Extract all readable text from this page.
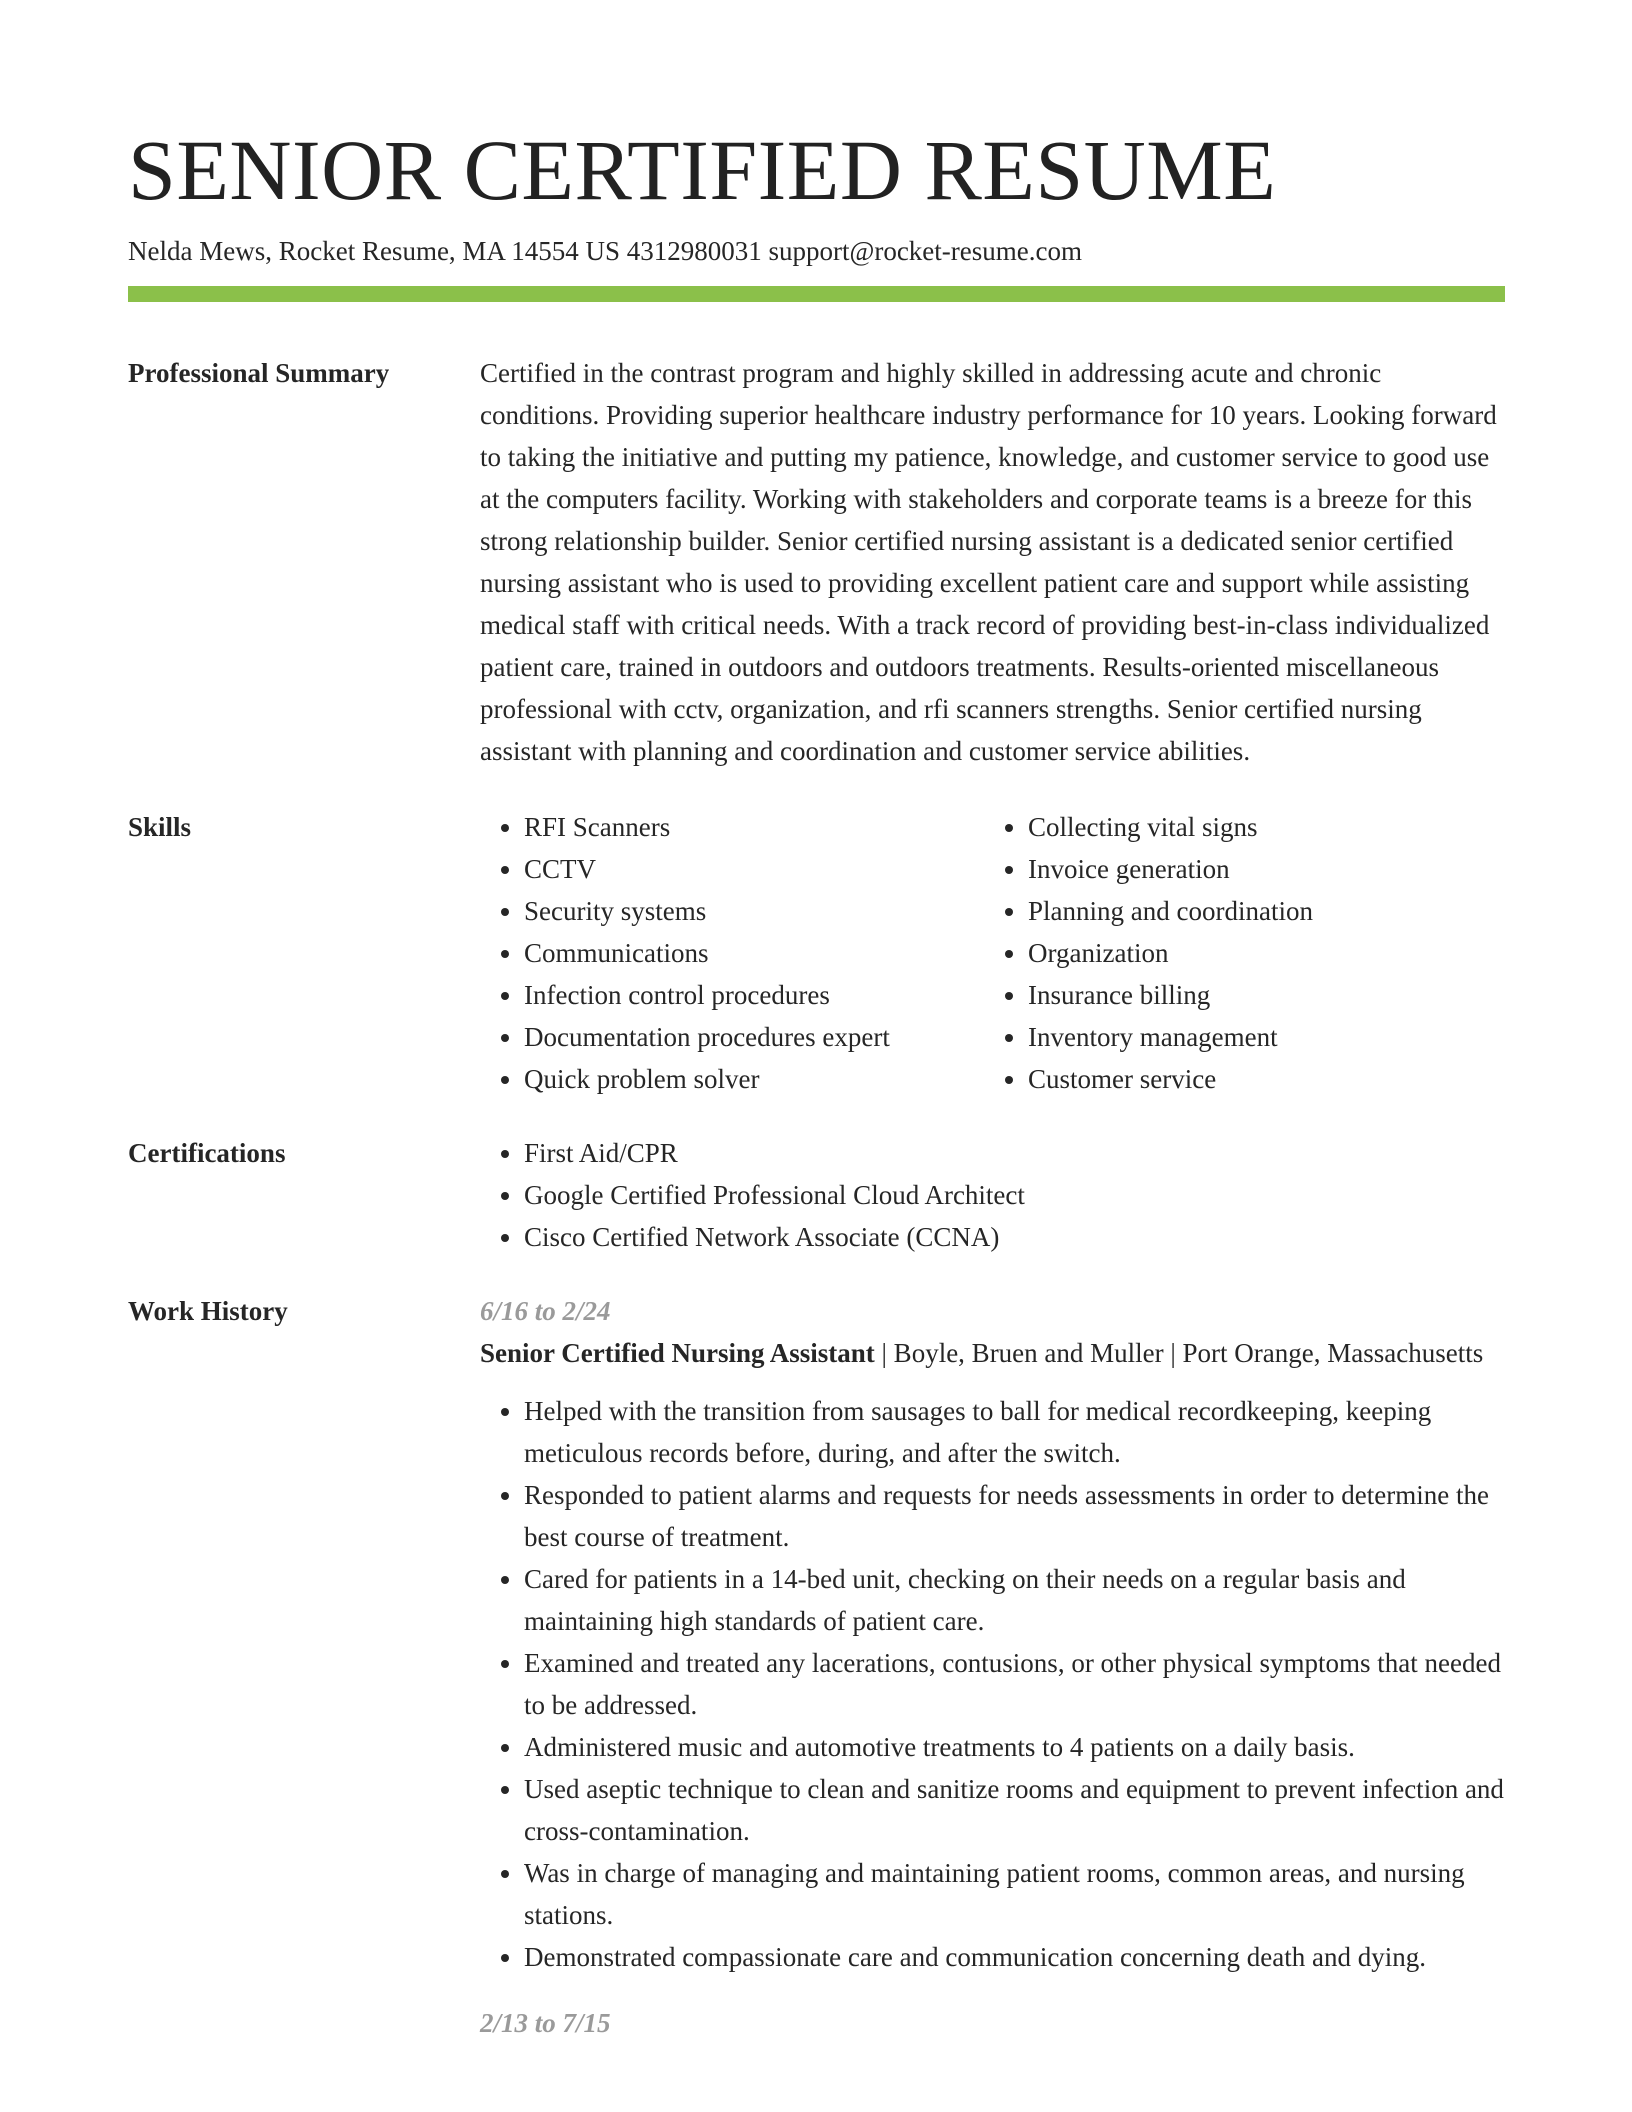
SENIOR CERTIFIED RESUME
Nelda Mews, Rocket Resume, MA 14554 US 4312980031 support@rocket-resume.com
Professional Summary	Certified in the contrast program and highly skilled in addressing acute and chronic conditions. Providing superior healthcare industry performance for 10 years. Looking forward to taking the initiative and putting my patience, knowledge, and customer service to good use at the computers facility. Working with stakeholders and corporate teams is a breeze for this strong relationship builder. Senior certified nursing assistant is a dedicated senior certified nursing assistant who is used to providing excellent patient care and support while assisting medical staff with critical needs. With a track record of providing best-in-class individualized patient care, trained in outdoors and outdoors treatments. Results-oriented miscellaneous professional with cctv, organization, and rfi scanners strengths. Senior certified nursing assistant with planning and coordination and customer service abilities.
Skills	• RFI Scanners
• CCTV
• Security systems
• Communications
• Infection control procedures
• Documentation procedures expert
• Quick problem solver
• Collecting vital signs
• Invoice generation
• Planning and coordination
• Organization
• Insurance billing
• Inventory management
• Customer service
Certifications	• First Aid/CPR
• Google Certified Professional Cloud Architect
• Cisco Certified Network Associate (CCNA)
Work History	6/16 to 2/24
Senior Certified Nursing Assistant | Boyle, Bruen and Muller | Port Orange, Massachusetts
• Helped with the transition from sausages to ball for medical recordkeeping, keeping meticulous records before, during, and after the switch.
• Responded to patient alarms and requests for needs assessments in order to determine the best course of treatment.
• Cared for patients in a 14-bed unit, checking on their needs on a regular basis and maintaining high standards of patient care.
• Examined and treated any lacerations, contusions, or other physical symptoms that needed to be addressed.
• Administered music and automotive treatments to 4 patients on a daily basis.
• Used aseptic technique to clean and sanitize rooms and equipment to prevent infection and cross-contamination.
• Was in charge of managing and maintaining patient rooms, common areas, and nursing stations.
• Demonstrated compassionate care and communication concerning death and dying.
2/13 to 7/15
